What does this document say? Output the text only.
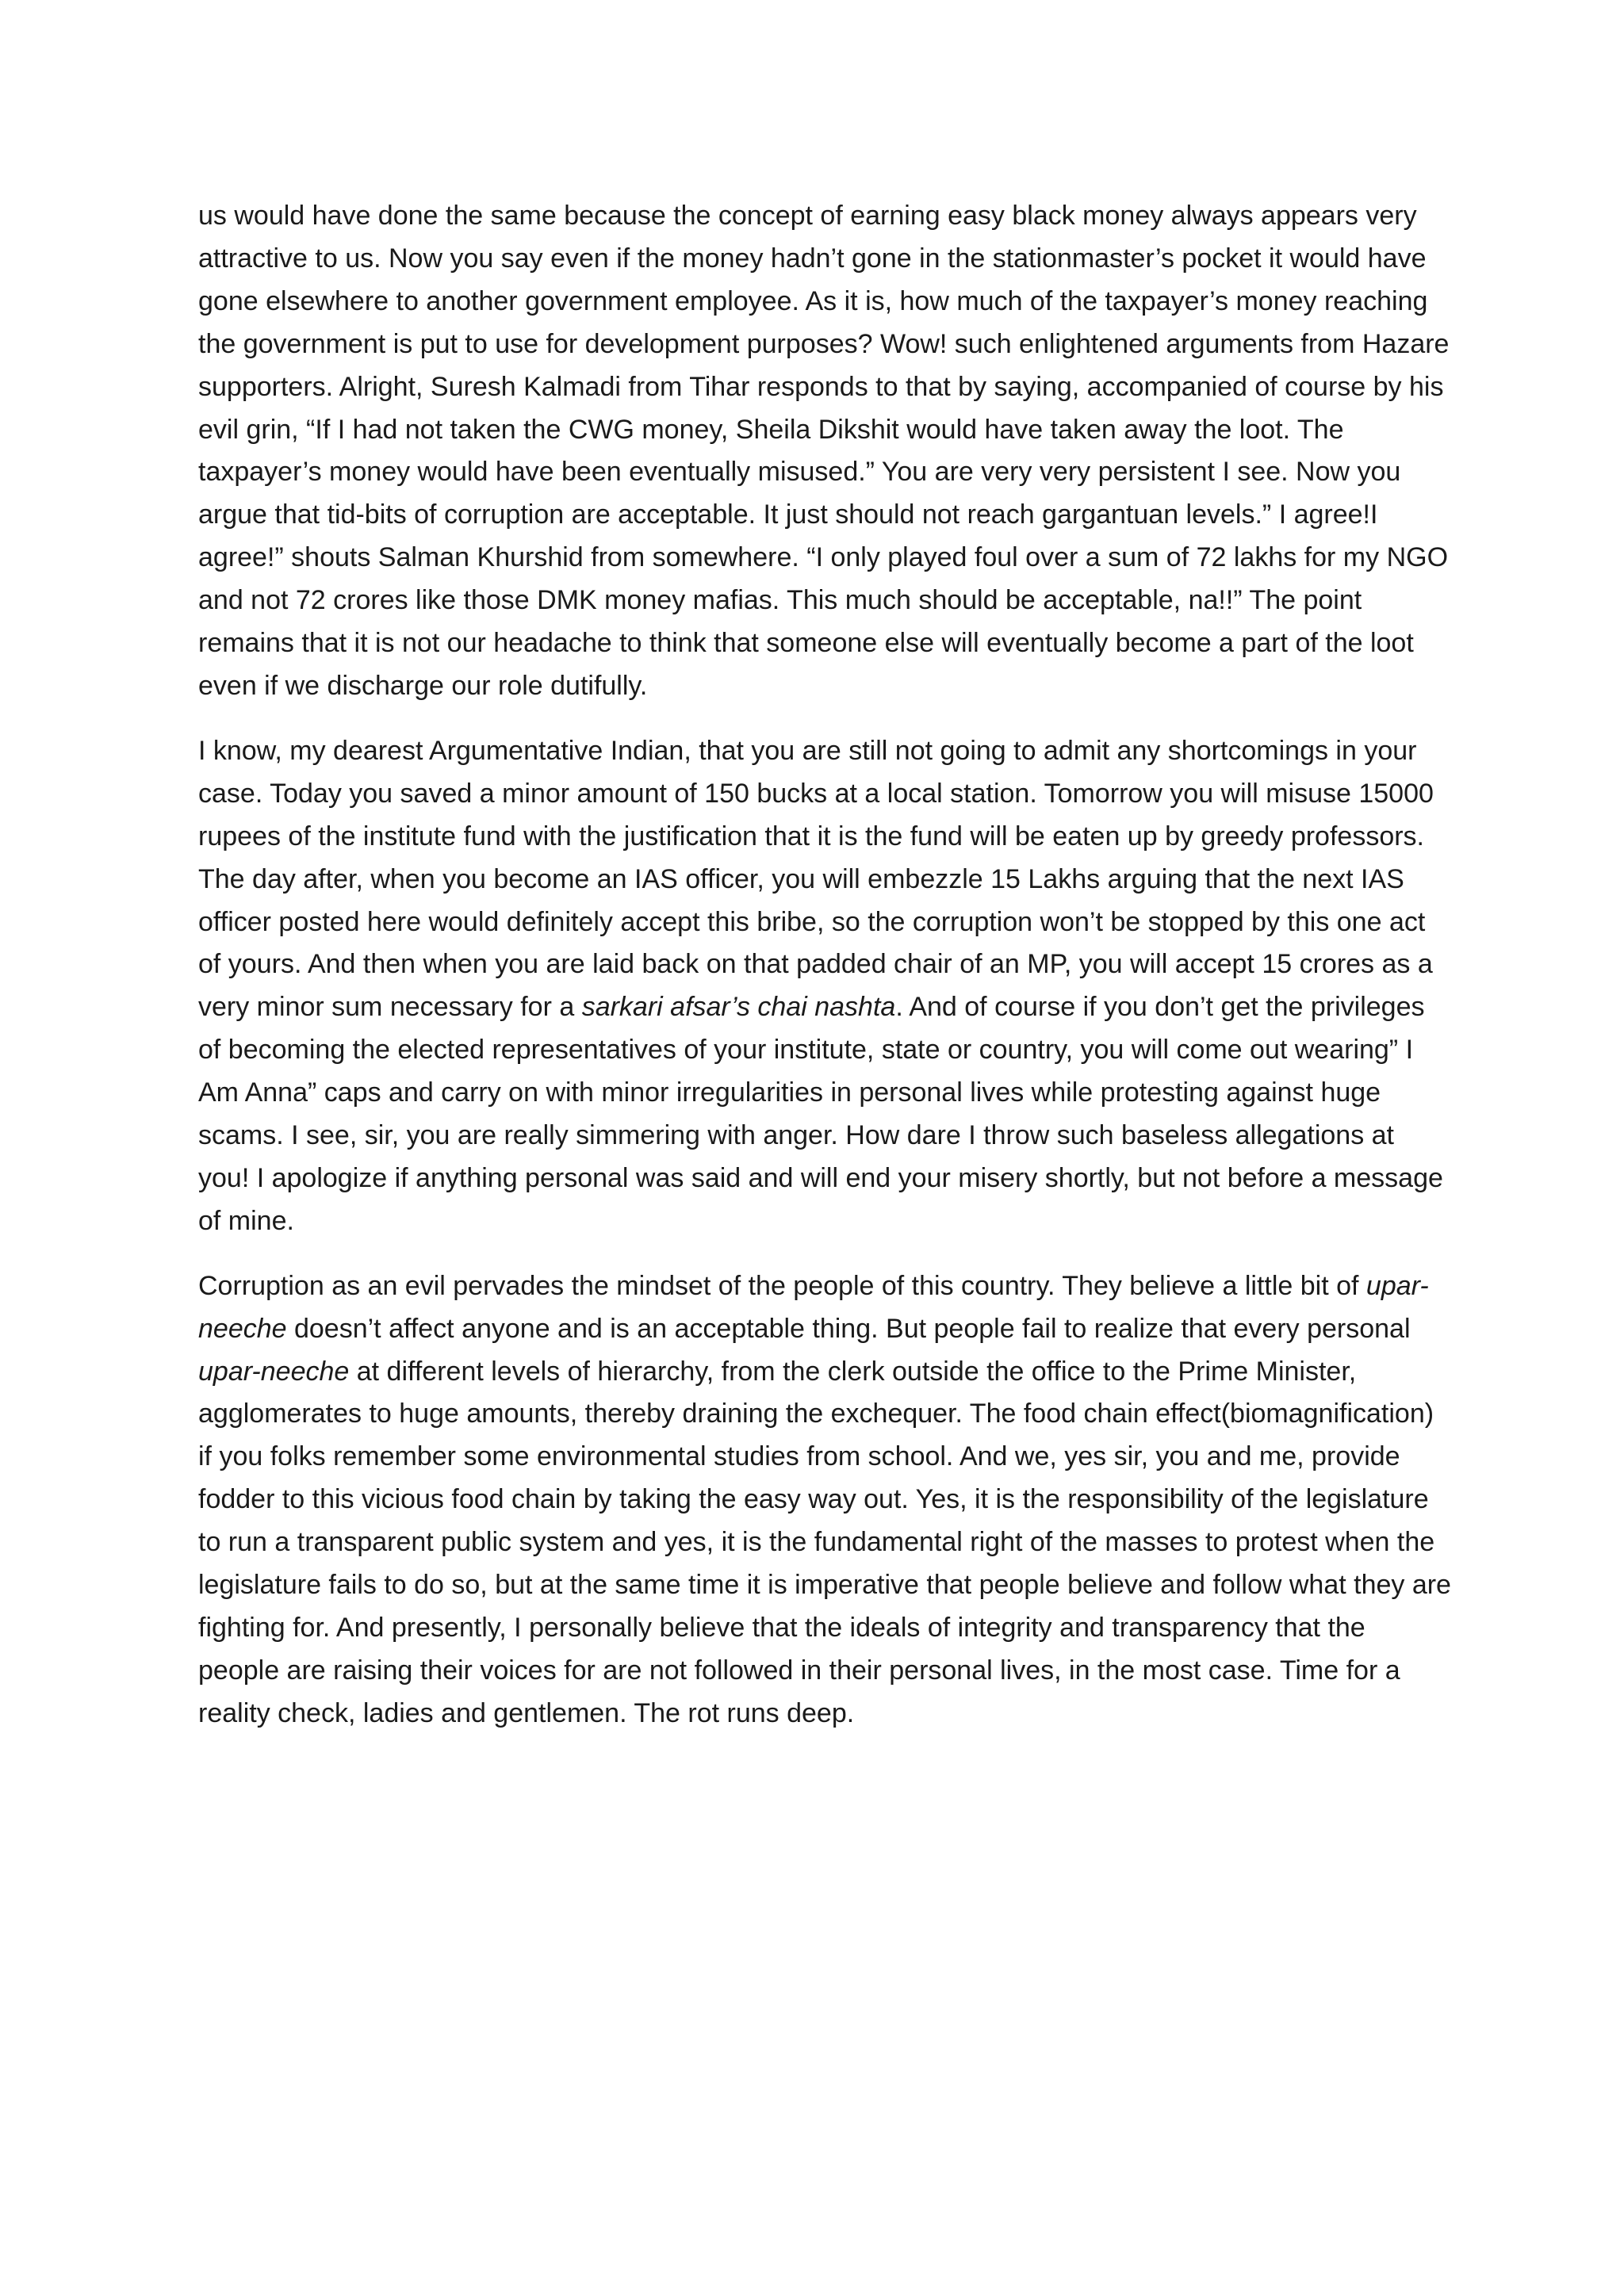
us would have done the same because the concept of earning easy black money always appears very attractive to us. Now you say even if the money hadn’t gone in the stationmaster’s pocket it would have gone elsewhere to another government employee. As it is, how much of the taxpayer’s money reaching the government is put to use for development purposes? Wow! such enlightened arguments from Hazare supporters. Alright, Suresh Kalmadi from Tihar responds to that by saying, accompanied of course by his evil grin, “If I had not taken the CWG money, Sheila Dikshit would have taken away the loot. The taxpayer’s money would have been eventually misused.” You are very very persistent I see. Now you argue that tid-bits of corruption are acceptable. It just should not reach gargantuan levels.” I agree!I agree!” shouts Salman Khurshid from somewhere. “I only played foul over a sum of 72 lakhs for my NGO and not 72 crores like those DMK money mafias. This much should be acceptable, na!!” The point remains that it is not our headache to think that someone else will eventually become a part of the loot even if we discharge our role dutifully.

I know, my dearest Argumentative Indian, that you are still not going to admit any shortcomings in your case. Today you saved a minor amount of 150 bucks at a local station. Tomorrow you will misuse 15000 rupees of the institute fund with the justification that it is the fund will be eaten up by greedy professors. The day after, when you become an IAS officer, you will embezzle 15 Lakhs arguing that the next IAS officer posted here would definitely accept this bribe, so the corruption won’t be stopped by this one act of yours. And then when you are laid back on that padded chair of an MP, you will accept 15 crores as a very minor sum necessary for a sarkari afsar’s chai nashta. And of course if you don’t get the privileges of becoming the elected representatives of your institute, state or country, you will come out wearing” I Am Anna” caps and carry on with minor irregularities in personal lives while protesting against huge scams. I see, sir, you are really simmering with anger. How dare I throw such baseless allegations at you! I apologize if anything personal was said and will end your misery shortly, but not before a message of mine.

Corruption as an evil pervades the mindset of the people of this country. They believe a little bit of upar-neeche doesn’t affect anyone and is an acceptable thing. But people fail to realize that every personal upar-neeche at different levels of hierarchy, from the clerk outside the office to the Prime Minister, agglomerates to huge amounts, thereby draining the exchequer. The food chain effect(biomagnification) if you folks remember some environmental studies from school. And we, yes sir, you and me, provide fodder to this vicious food chain by taking the easy way out. Yes, it is the responsibility of the legislature to run a transparent public system and yes, it is the fundamental right of the masses to protest when the legislature fails to do so, but at the same time it is imperative that people believe and follow what they are fighting for. And presently, I personally believe that the ideals of integrity and transparency that the people are raising their voices for are not followed in their personal lives, in the most case. Time for a reality check, ladies and gentlemen. The rot runs deep.
